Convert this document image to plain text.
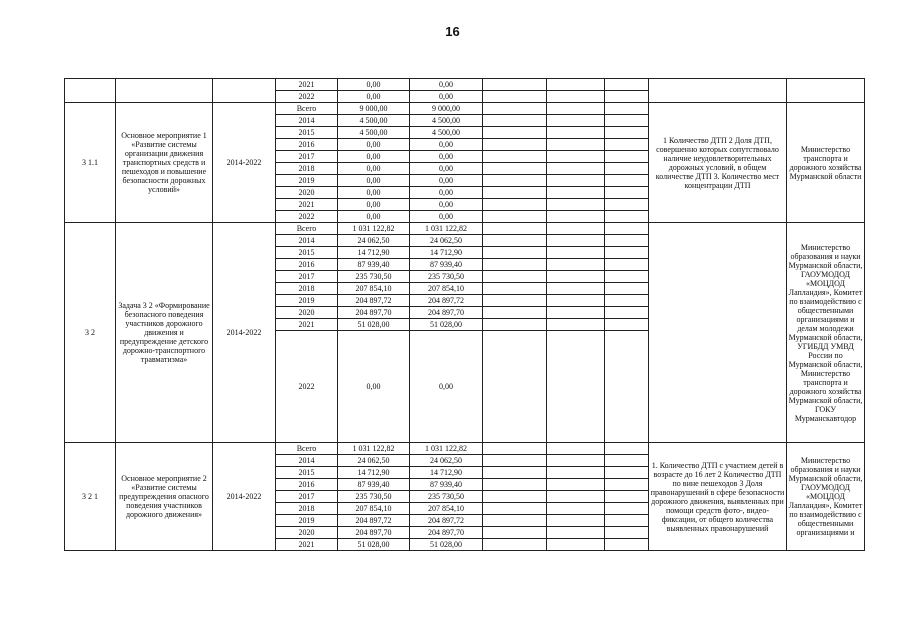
16
			2021	0,00	0,00					
			2022	0,00	0,00					
3 1.1	Основное мероприятие 1 «Развитие системы организации движения транспортных средств и пешеходов и повышение безопасности дорожных условий»	2014-2022	Всего	9 000,00	9 000,00				1 Количество ДТП 2 Доля ДТП, совершенно которых сопутствовало наличие неудовлетворительных дорожных условий, в общем количестве ДТП 3. Количество мест концентрации ДТП	Министерство транспорта и дорожного хозяйства Мурманской области
			2014	4 500,00	4 500,00					
			2015	4 500,00	4 500,00					
			2016	0,00	0,00					
			2017	0,00	0,00					
			2018	0,00	0,00					
			2019	0,00	0,00					
			2020	0,00	0,00					
			2021	0,00	0,00					
			2022	0,00	0,00					
3 2	Задача 3 2 «Формирование безопасного поведения участников дорожного движения и предупреждение детского дорожно-транспортного травматизма»	2014-2022	Всего	1 031 122,82	1 031 122,82					Министерство образования и науки Мурманской области, ГАОУМОДОД «МОЦДОД Лапландия», Комитет по взаимодействию с общественными организациями и делам молодежи Мурманской области, УГИБДД УМВД России по Мурманской области, Министерство транспорта и дорожного хозяйства Мурманской области, ГОКУ Мурманскавтодор
			2014	24 062,50	24 062,50					
			2015	14 712,90	14 712,90					
			2016	87 939,40	87 939,40					
			2017	235 730,50	235 730,50					
			2018	207 854,10	207 854,10					
			2019	204 897,72	204 897,72					
			2020	204 897,70	204 897,70					
			2021	51 028,00	51 028,00					
			2022	0,00	0,00					
3 2 1	Основное мероприятие 2 «Развитие системы предупреждения опасного поведения участников дорожного движения»	2014-2022	Всего	1 031 122,82	1 031 122,82				1. Количество ДТП с участием детей в возрасте до 16 лет 2 Количество ДТП по вине пешеходов 3 Доля правонарушений в сфере безопасности дорожного движения, выявленных при помощи средств фото-, видео-фиксации, от общего количества выявленных правонарушений	Министерство образования и науки Мурманской области, ГАОУМОДОД «МОЦДОД Лапландия», Комитет по взаимодействию с общественными организациями и
			2014	24 062,50	24 062,50					
			2015	14 712,90	14 712,90					
			2016	87 939,40	87 939,40					
			2017	235 730,50	235 730,50					
			2018	207 854,10	207 854,10					
			2019	204 897,72	204 897,72					
			2020	204 897,70	204 897,70					
			2021	51 028,00	51 028,00					
